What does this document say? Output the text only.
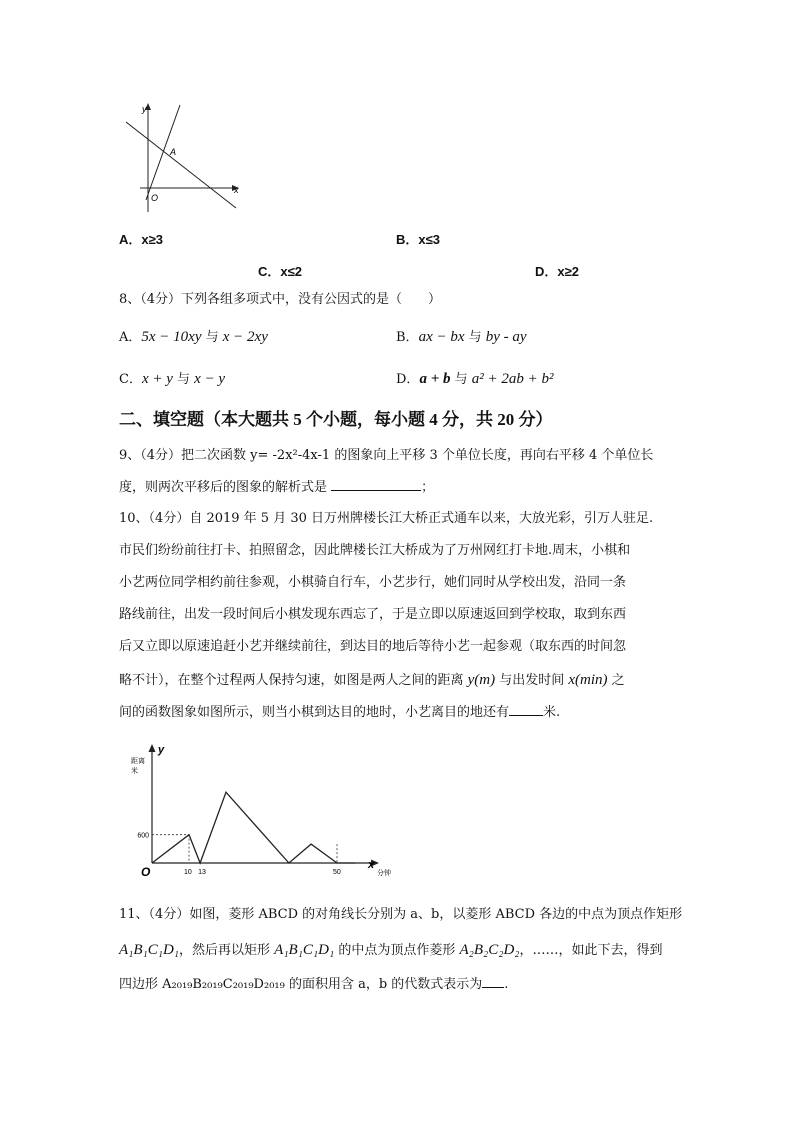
y
x
A
O
A．x≥3	B．x≤3
C．x≤2	D．x≥2
8、（4分）下列各组多项式中，没有公因式的是（　　）
A．5x − 10xy 与 x − 2xy	B．ax − bx 与 by - ay
C．x + y 与 x − y	D．a + b 与 a² + 2ab + b²
二、填空题（本大题共 5 个小题，每小题 4 分，共 20 分）
9、（4分）把二次函数 y= -2x²-4x-1 的图象向上平移 3 个单位长度，再向右平移 4 个单位长
度，则两次平移后的图象的解析式是	；
10、（4分）自 2019 年 5 月 30 日万州牌楼长江大桥正式通车以来，大放光彩，引万人驻足.
市民们纷纷前往打卡、拍照留念，因此牌楼长江大桥成为了万州网红打卡地.周末，小棋和
小艺两位同学相约前往参观，小棋骑自行车，小艺步行，她们同时从学校出发，沿同一条
路线前往，出发一段时间后小棋发现东西忘了，于是立即以原速返回到学校取，取到东西
后又立即以原速追赶小艺并继续前往，到达目的地后等待小艺一起参观（取东西的时间忽
略不计），在整个过程两人保持匀速，如图是两人之间的距离 y(m) 与出发时间 x(min) 之
间的函数图象如图所示，则当小棋到达目的地时，小艺离目的地还有	米.
y
距离
米
x
分钟
O
600
10 13	50
11、（4分）如图，菱形 ABCD 的对角线长分别为 a、b，以菱形 ABCD 各边的中点为顶点作矩形
A₁B₁C₁D₁，然后再以矩形 A₁B₁C₁D₁ 的中点为顶点作菱形 A₂B₂C₂D₂，……，如此下去，得到
四边形 A₂₀₁₉B₂₀₁₉C₂₀₁₉D₂₀₁₉ 的面积用含 a，b 的代数式表示为 .
